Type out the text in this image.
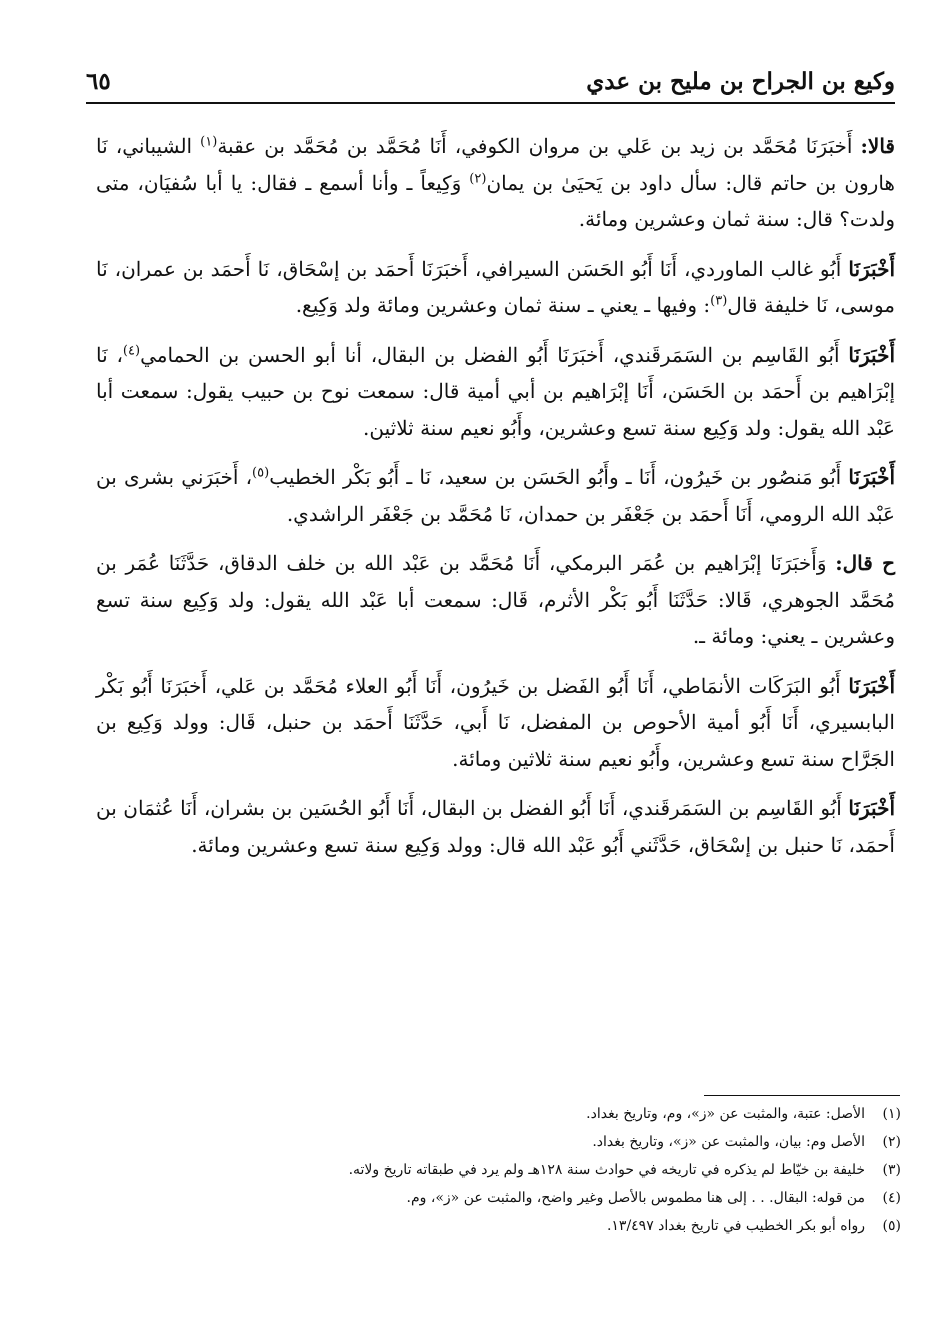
وكيع بن الجراح بن مليح بن عدي
٦٥

قالا: أَخبَرَنَا مُحَمَّد بن زيد بن عَلي بن مروان الكوفي، أَنَا مُحَمَّد بن مُحَمَّد بن عقبة$^{(١)}$ الشيباني، نَا هارون بن حاتم قال: سأل داود بن يَحيَىٰ بن يمان$^{(٢)}$ وَكِيعاً ـ وأنا أسمع ـ فقال: يا أبا سُفيَان، متى ولدت؟ قال: سنة ثمان وعشرين ومائة.

أَخْبَرَنَا أَبُو غالب الماوردي، أَنَا أَبُو الحَسَن السيرافي، أَخبَرَنَا أَحمَد بن إسْحَاق، نَا أَحمَد بن عمران، نَا موسى، نَا خليفة قال$^{(٣)}$: وفيها ـ يعني ـ سنة ثمان وعشرين ومائة ولد وَكِيع.

أَخْبَرَنَا أَبُو القَاسِم بن السَمَرقَندي، أَخبَرَنَا أَبُو الفضل بن البقال، أنا أبو الحسن بن الحمامي$^{(٤)}$، نَا إبْرَاهيم بن أَحمَد بن الحَسَن، أَنَا إبْرَاهيم بن أبي أمية قال: سمعت نوح بن حبيب يقول: سمعت أبا عَبْد الله يقول: ولد وَكِيع سنة تسع وعشرين، وأَبُو نعيم سنة ثلاثين.

أَخْبَرَنَا أَبُو مَنصُور بن خَيرُون، أَنَا ـ وأَبُو الحَسَن بن سعيد، نَا ـ أَبُو بَكْر الخطيب$^{(٥)}$، أَخبَرَني بشرى بن عَبْد الله الرومي، أَنَا أَحمَد بن جَعْفَر بن حمدان، نَا مُحَمَّد بن جَعْفَر الراشدي.

ح قال: وَأَخبَرَنَا إبْرَاهيم بن عُمَر البرمكي، أَنَا مُحَمَّد بن عَبْد الله بن خلف الدقاق، حَدَّثَنَا عُمَر بن مُحَمَّد الجوهري، قَالا: حَدَّثَنَا أَبُو بَكْر الأثرم، قَال: سمعت أبا عَبْد الله يقول: ولد وَكِيع سنة تسع وعشرين ـ يعني: ومائة ـ.

أَخْبَرَنَا أَبُو البَرَكَات الأنمَاطي، أَنَا أَبُو الفَضل بن خَيرُون، أَنَا أَبُو العلاء مُحَمَّد بن عَلي، أَخبَرَنَا أَبُو بَكْر البابسيري، أَنَا أَبُو أمية الأحوص بن المفضل، نَا أَبي، حَدَّثَنَا أَحمَد بن حنبل، قَال: وولد وَكِيع بن الجَرَّاح سنة تسع وعشرين، وأَبُو نعيم سنة ثلاثين ومائة.

أَخْبَرَنَا أَبُو القَاسِم بن السَمَرقَندي، أَنَا أَبُو الفضل بن البقال، أَنَا أَبُو الحُسَين بن بشران، أَنَا عُثمَان بن أَحمَد، نَا حنبل بن إسْحَاق، حَدَّثَني أَبُو عَبْد الله قال: وولد وَكِيع سنة تسع وعشرين ومائة.

(١)
الأصل: عتبة، والمثبت عن «ز»، وم، وتاريخ بغداد.
(٢)
الأصل وم: بيان، والمثبت عن «ز»، وتاريخ بغداد.
(٣)
خليفة بن خيّاط لم يذكره في تاريخه في حوادث سنة ١٢٨هـ ولم يرد في طبقاته تاريخ ولاته.
(٤)
من قوله: البقال. . . إلى هنا مطموس بالأصل وغير واضح، والمثبت عن «ز»، وم.
(٥)
رواه أبو بكر الخطيب في تاريخ بغداد ١٣/٤٩٧.
